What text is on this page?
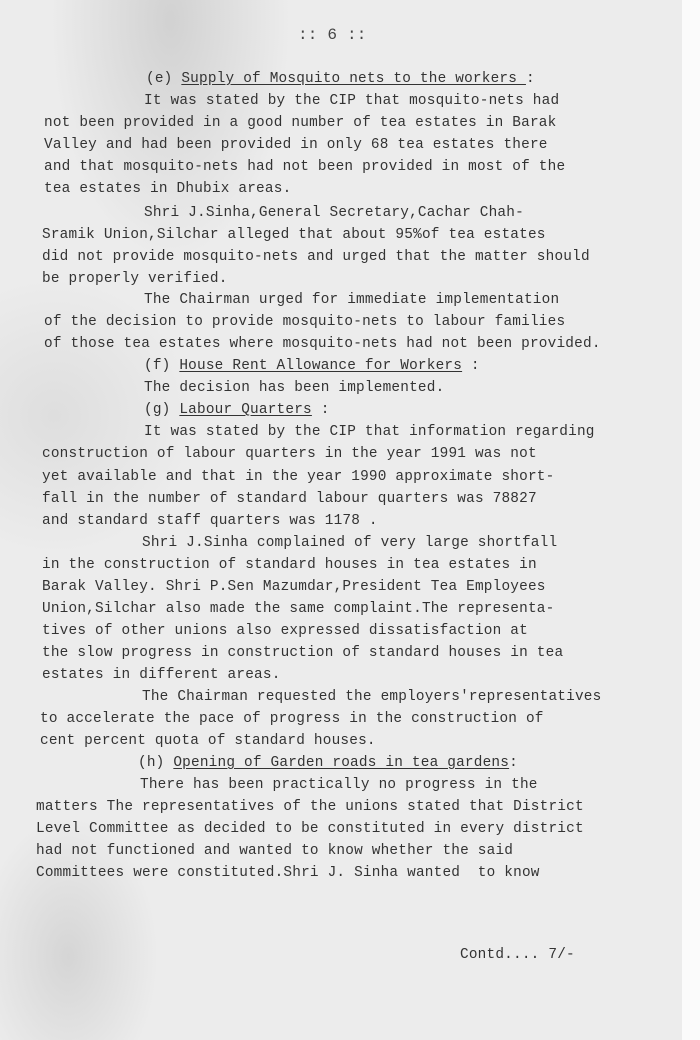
:: 6 ::
(e) Supply of Mosquito nets to the workers :
It was stated by the CIP that mosquito-nets had
not been provided in a good number of tea estates in Barak
Valley and had been provided in only 68 tea estates there
and that mosquito-nets had not been provided in most of the
tea estates in Dhubix areas.
Shri J.Sinha,General Secretary,Cachar Chah-
Sramik Union,Silchar alleged that about 95%of tea estates
did not provide mosquito-nets and urged that the matter should
be properly verified.
The Chairman urged for immediate implementation
of the decision to provide mosquito-nets to labour families
of those tea estates where mosquito-nets had not been provided.
(f) House Rent Allowance for Workers :
The decision has been implemented.
(g) Labour Quarters :
It was stated by the CIP that information regarding
construction of labour quarters in the year 1991 was not
yet available and that in the year 1990 approximate short-
fall in the number of standard labour quarters was 78827
and standard staff quarters was 1178 .
Shri J.Sinha complained of very large shortfall
in the construction of standard houses in tea estates in
Barak Valley. Shri P.Sen Mazumdar,President Tea Employees
Union,Silchar also made the same complaint.The representa-
tives of other unions also expressed dissatisfaction at
the slow progress in construction of standard houses in tea
estates in different areas.
The Chairman requested the employers'representatives
to accelerate the pace of progress in the construction of
cent percent quota of standard houses.
(h) Opening of Garden roads in tea gardens:
There has been practically no progress in the
matters The representatives of the unions stated that District
Level Committee as decided to be constituted in every district
had not functioned and wanted to know whether the said
Committees were constituted.Shri J. Sinha wanted  to know
Contd.... 7/-
